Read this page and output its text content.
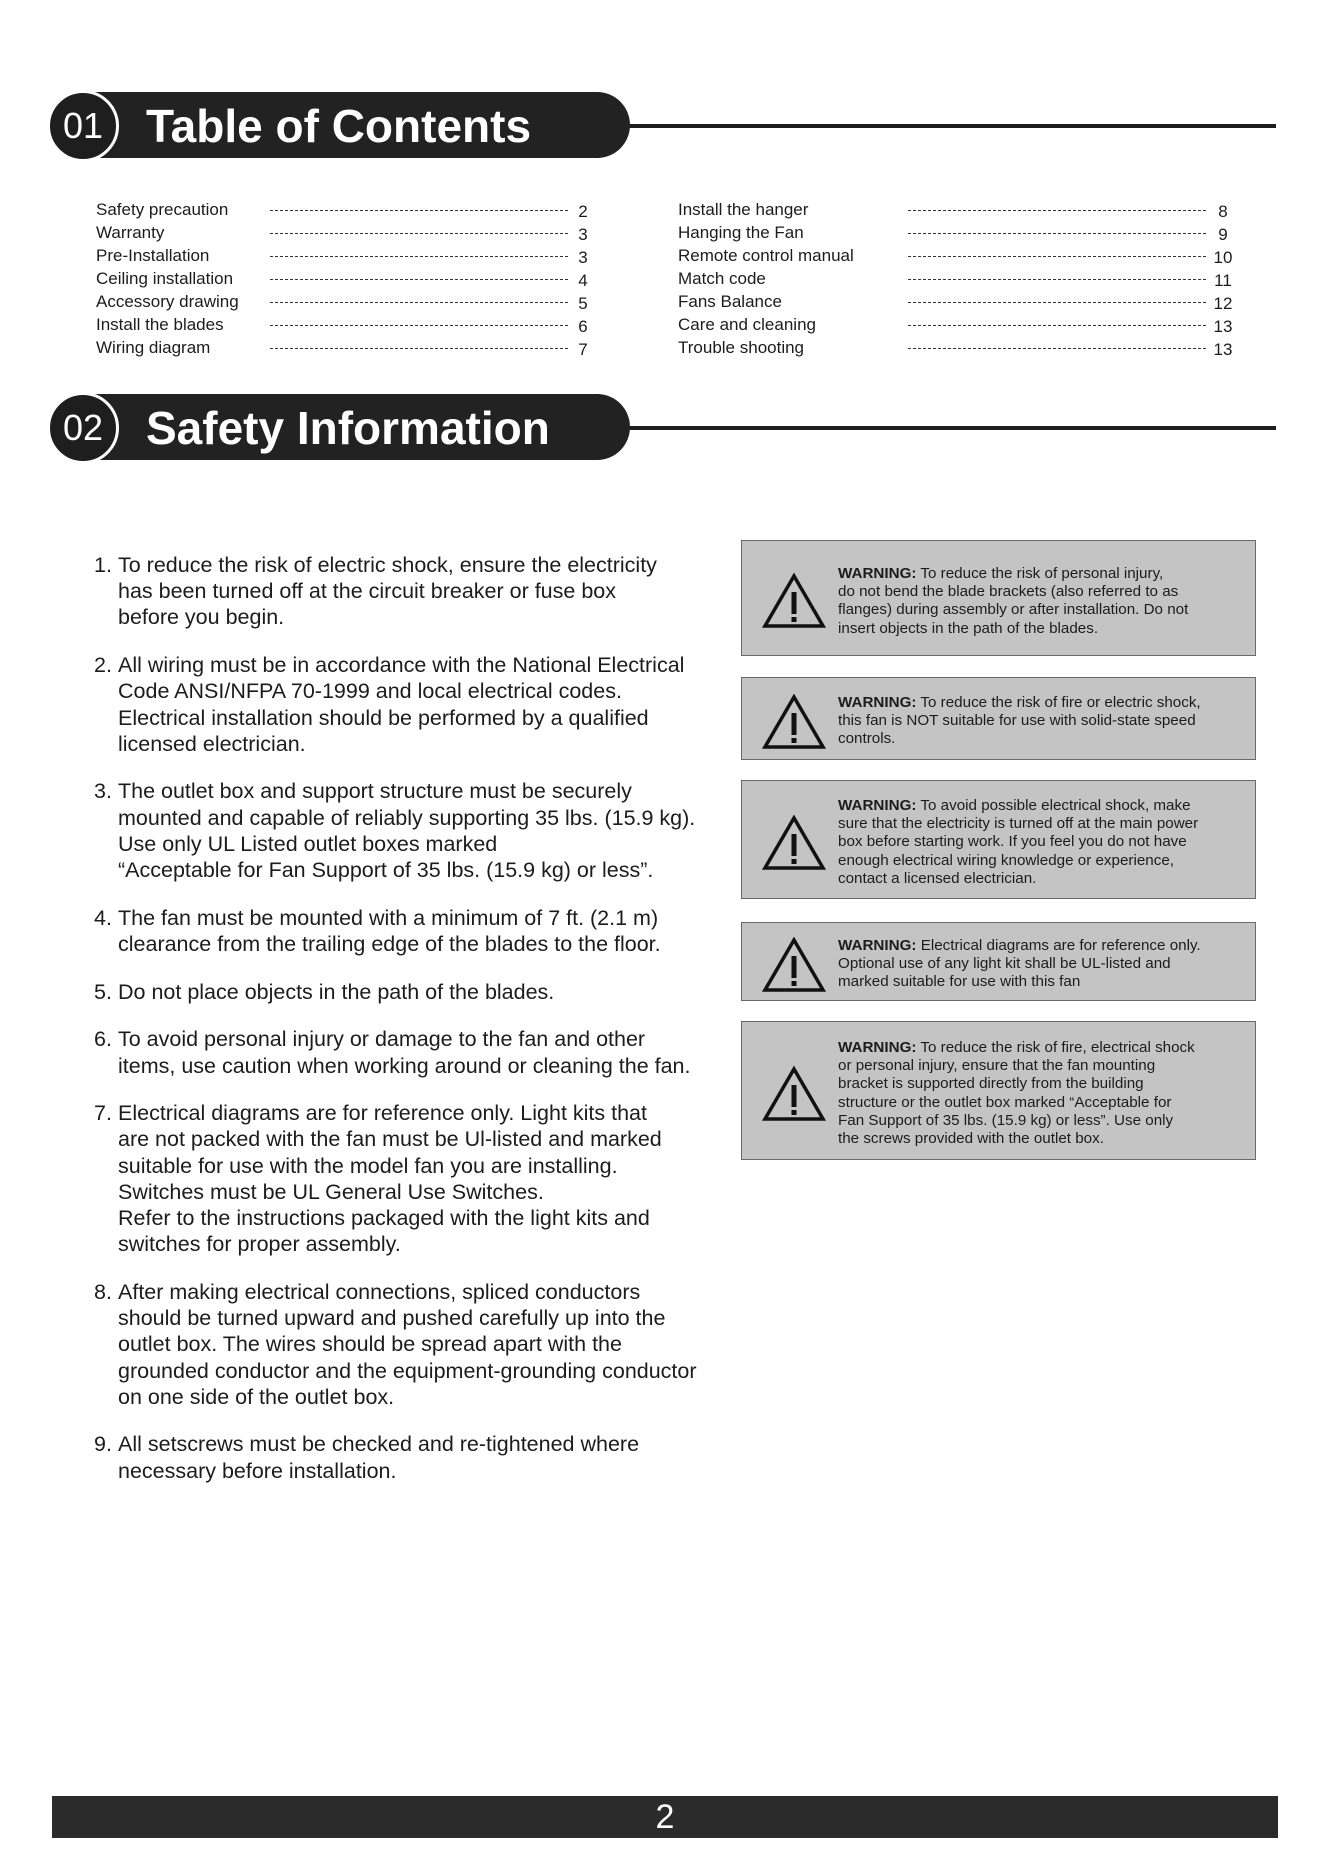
01 Table of Contents
Safety precaution	2
Warranty	3
Pre-Installation	3
Ceiling installation	4
Accessory drawing	5
Install the blades	6
Wiring diagram	7
Install the hanger	8
Hanging the Fan	9
Remote control manual	10
Match code	11
Fans Balance	12
Care and cleaning	13
Trouble shooting	13
02 Safety Information
1. To reduce the risk of electric shock, ensure the electricity
has been turned off at the circuit breaker or fuse box
before you begin.
2. All wiring must be in accordance with the National Electrical
Code ANSI/NFPA 70-1999 and local electrical codes.
Electrical installation should be performed by a qualified
licensed electrician.
3. The outlet box and support structure must be securely
mounted and capable of reliably supporting 35 lbs. (15.9 kg).
Use only UL Listed outlet boxes marked
“Acceptable for Fan Support of 35 lbs. (15.9 kg) or less”.
4. The fan must be mounted with a minimum of 7 ft. (2.1 m)
clearance from the trailing edge of the blades to the floor.
5. Do not place objects in the path of the blades.
6. To avoid personal injury or damage to the fan and other
items, use caution when working around or cleaning the fan.
7. Electrical diagrams are for reference only. Light kits that
are not packed with the fan must be Ul-listed and marked
suitable for use with the model fan you are installing.
Switches must be UL General Use Switches.
Refer to the instructions packaged with the light kits and
switches for proper assembly.
8. After making electrical connections, spliced conductors
should be turned upward and pushed carefully up into the
outlet box. The wires should be spread apart with the
grounded conductor and the equipment-grounding conductor
on one side of the outlet box.
9. All setscrews must be checked and re-tightened where
necessary before installation.
WARNING: To reduce the risk of personal injury,
do not bend the blade brackets (also referred to as
flanges) during assembly or after installation. Do not
insert objects in the path of the blades.
WARNING: To reduce the risk of fire or electric shock,
this fan is NOT suitable for use with solid-state speed
controls.
WARNING: To avoid possible electrical shock, make
sure that the electricity is turned off at the main power
box before starting work. If you feel you do not have
enough electrical wiring knowledge or experience,
contact a licensed electrician.
WARNING: Electrical diagrams are for reference only.
Optional use of any light kit shall be UL-listed and
marked suitable for use with this fan
WARNING: To reduce the risk of fire, electrical shock
or personal injury, ensure that the fan mounting
bracket is supported directly from the building
structure or the outlet box marked “Acceptable for
Fan Support of 35 lbs. (15.9 kg) or less”. Use only
the screws provided with the outlet box.
2
